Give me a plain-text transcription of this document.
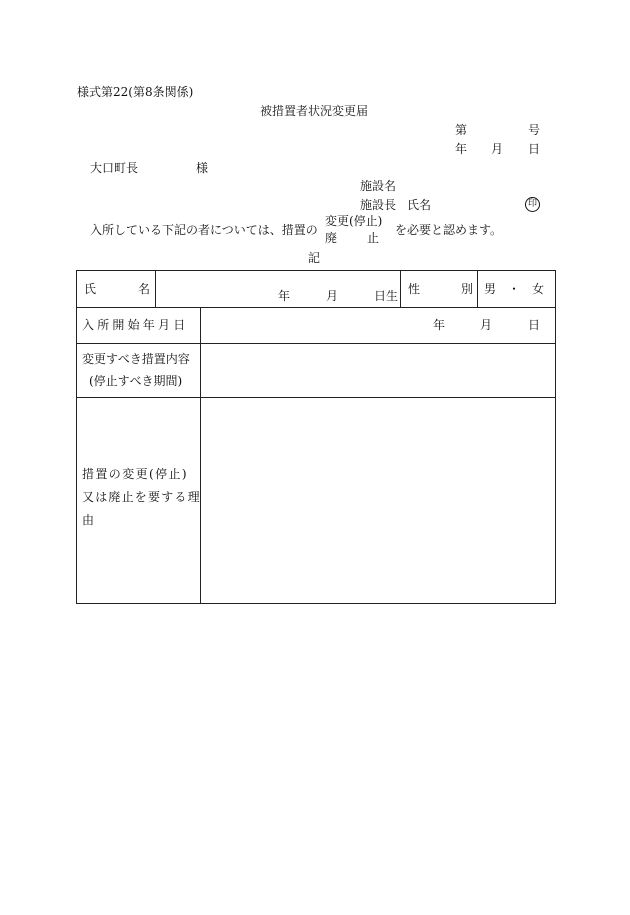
様式第22(第8条関係)
被措置者状況変更届
第	号
年 月 日
大口町長	様
施設名
施設長 氏名	印
入所している下記の者については、措置の
変更(停止)
廃 止
を必要と認めます。
記
氏	名	年	月	日生 性	別 男　・　女
入所開始年月日	年	月	日
変更すべき措置内容
(停止すべき期間)
措置の変更(停止)
又は廃止を要する理
由
